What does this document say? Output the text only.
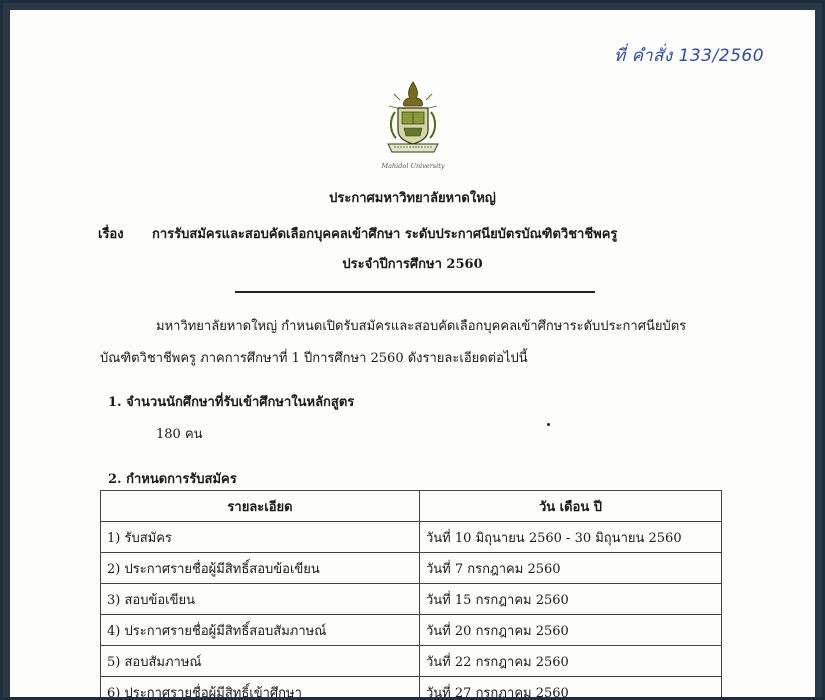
ที่ คำสั่ง 133/2560
Mahidol University
ประกาศมหาวิทยาลัยหาดใหญ่
เรื่อง การรับสมัครและสอบคัดเลือกบุคคลเข้าศึกษา ระดับประกาศนียบัตรบัณฑิตวิชาชีพครู
ประจำปีการศึกษา 2560
มหาวิทยาลัยหาดใหญ่ กำหนดเปิดรับสมัครและสอบคัดเลือกบุคคลเข้าศึกษาระดับประกาศนียบัตร
บัณฑิตวิชาชีพครู ภาคการศึกษาที่ 1 ปีการศึกษา 2560 ดังรายละเอียดต่อไปนี้
1. จำนวนนักศึกษาที่รับเข้าศึกษาในหลักสูตร
180 คน
2. กำหนดการรับสมัคร
รายละเอียด	วัน เดือน ปี
1) รับสมัคร	วันที่ 10 มิถุนายน 2560 - 30 มิถุนายน 2560
2) ประกาศรายชื่อผู้มีสิทธิ์สอบข้อเขียน	วันที่ 7 กรกฎาคม 2560
3) สอบข้อเขียน	วันที่ 15 กรกฎาคม 2560
4) ประกาศรายชื่อผู้มีสิทธิ์สอบสัมภาษณ์	วันที่ 20 กรกฎาคม 2560
5) สอบสัมภาษณ์	วันที่ 22 กรกฎาคม 2560
6) ประกาศรายชื่อผู้มีสิทธิ์เข้าศึกษา	วันที่ 27 กรกฎาคม 2560
